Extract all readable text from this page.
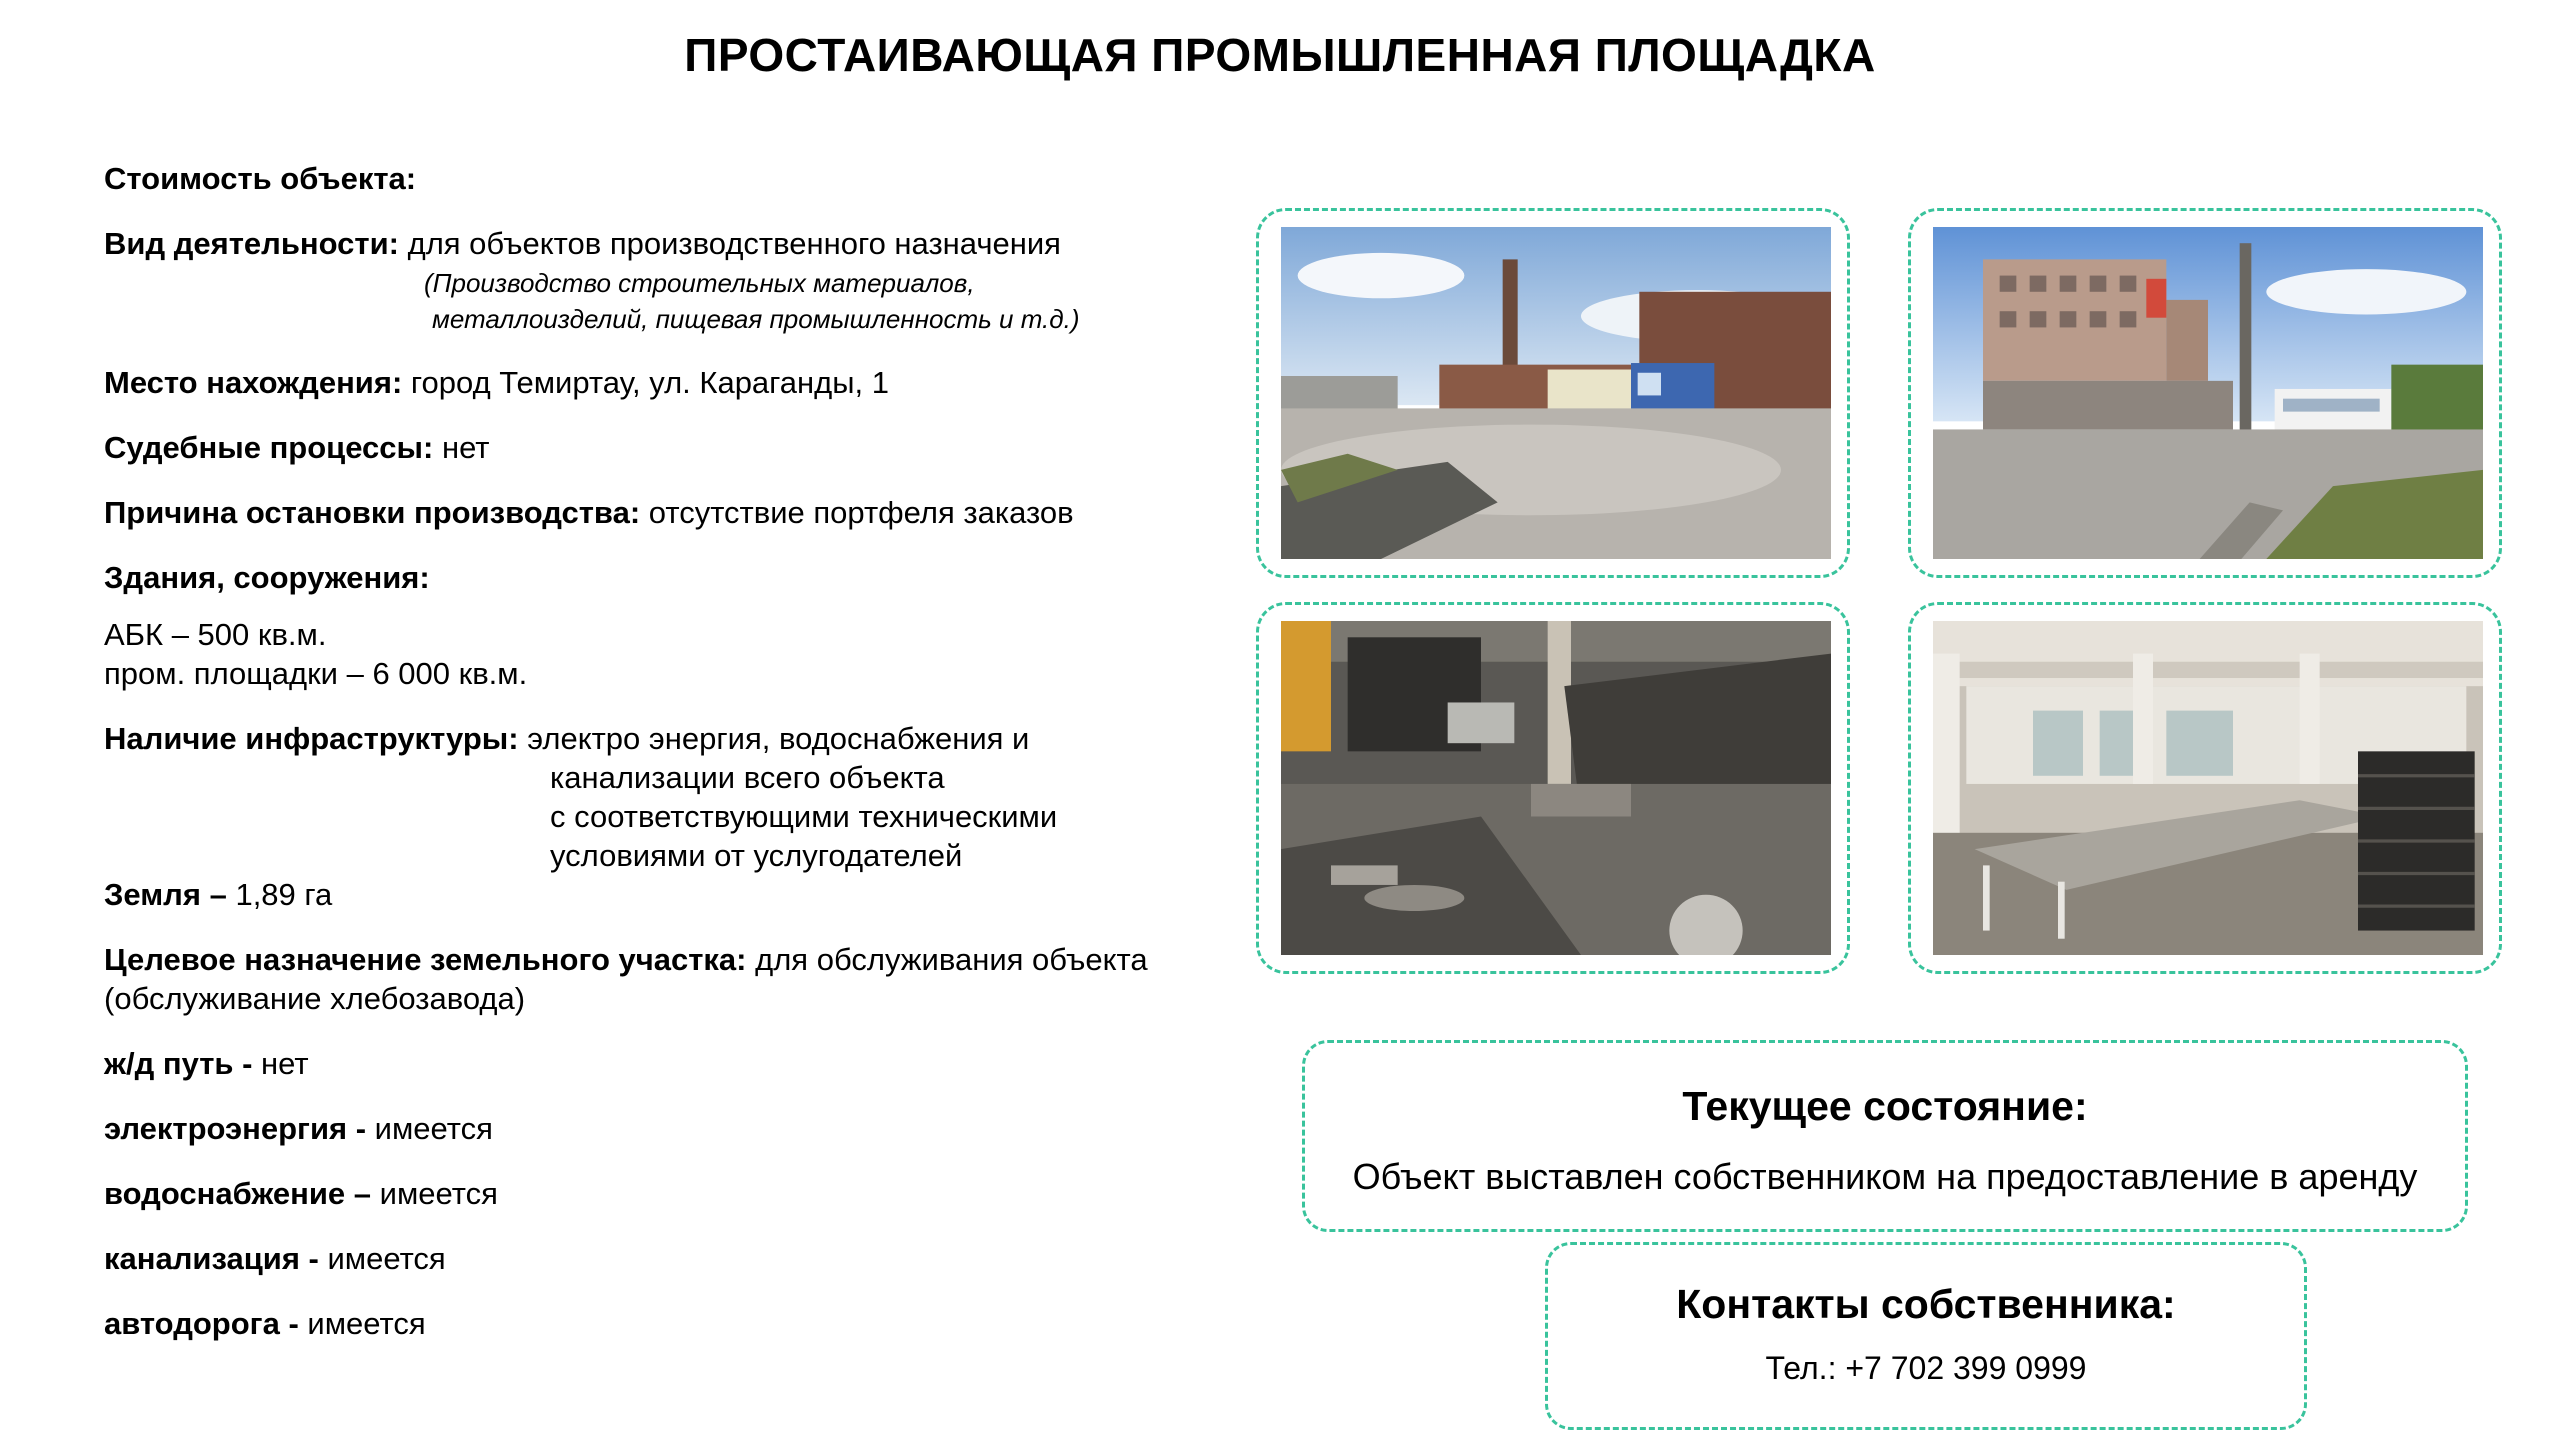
ПРОСТАИВАЮЩАЯ ПРОМЫШЛЕННАЯ ПЛОЩАДКА
Стоимость объекта:
Вид деятельности: для объектов производственного назначения
(Производство строительных материалов,
металлоизделий, пищевая промышленность и т.д.)
Место нахождения: город Темиртау, ул. Караганды, 1
Судебные процессы: нет
Причина остановки производства: отсутствие портфеля заказов
Здания, сооружения:
АБК – 500 кв.м.
пром. площадки – 6 000 кв.м.
Наличие инфраструктуры: электро энергия, водоснабжения и
канализации всего объекта
с соответствующими техническими
условиями от услугодателей
Земля – 1,89 га
Целевое назначение земельного участка: для обслуживания объекта
(обслуживание хлебозавода)
ж/д путь - нет
электроэнергия - имеется
водоснабжение – имеется
канализация - имеется
автодорога - имеется
Текущее состояние:
Объект выставлен собственником на предоставление в аренду
Контакты собственника:
Тел.: +7 702 399 0999
